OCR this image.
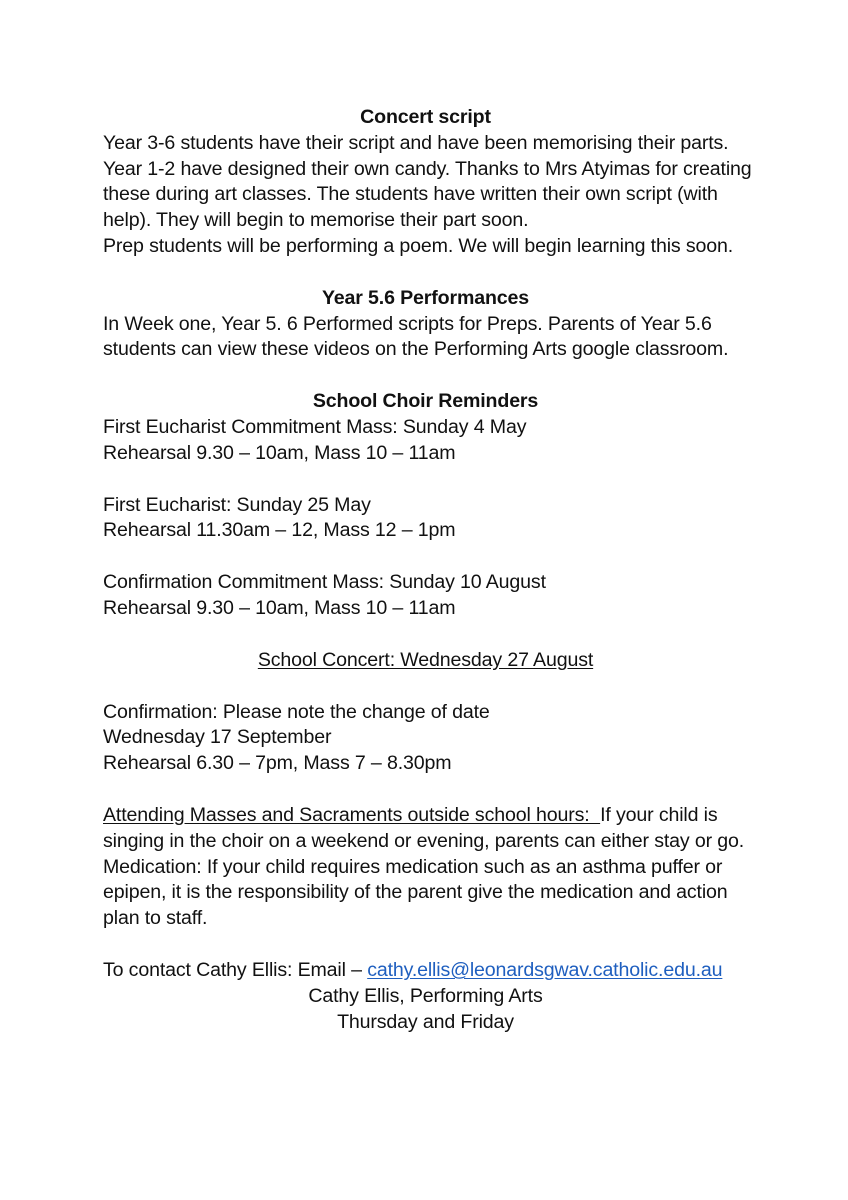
Concert script
Year 3-6 students have their script and have been memorising their parts.
Year 1-2 have designed their own candy. Thanks to Mrs Atyimas for creating
these during art classes. The students have written their own script (with
help). They will begin to memorise their part soon.
Prep students will be performing a poem. We will begin learning this soon.
Year 5.6 Performances
In Week one, Year 5. 6 Performed scripts for Preps. Parents of Year 5.6
students can view these videos on the Performing Arts google classroom.
School Choir Reminders
First Eucharist Commitment Mass: Sunday 4 May
Rehearsal 9.30 – 10am, Mass 10 – 11am
First Eucharist: Sunday 25 May
Rehearsal 11.30am – 12, Mass 12 – 1pm
Confirmation Commitment Mass: Sunday 10 August
Rehearsal 9.30 – 10am, Mass 10 – 11am
School Concert: Wednesday 27 August
Confirmation: Please note the change of date
Wednesday 17 September
Rehearsal 6.30 – 7pm, Mass 7 – 8.30pm
Attending Masses and Sacraments outside school hours:  If your child is
singing in the choir on a weekend or evening, parents can either stay or go.
Medication: If your child requires medication such as an asthma puffer or
epipen, it is the responsibility of the parent give the medication and action
plan to staff.
To contact Cathy Ellis: Email – cathy.ellis@leonardsgwav.catholic.edu.au
Cathy Ellis, Performing Arts
Thursday and Friday
